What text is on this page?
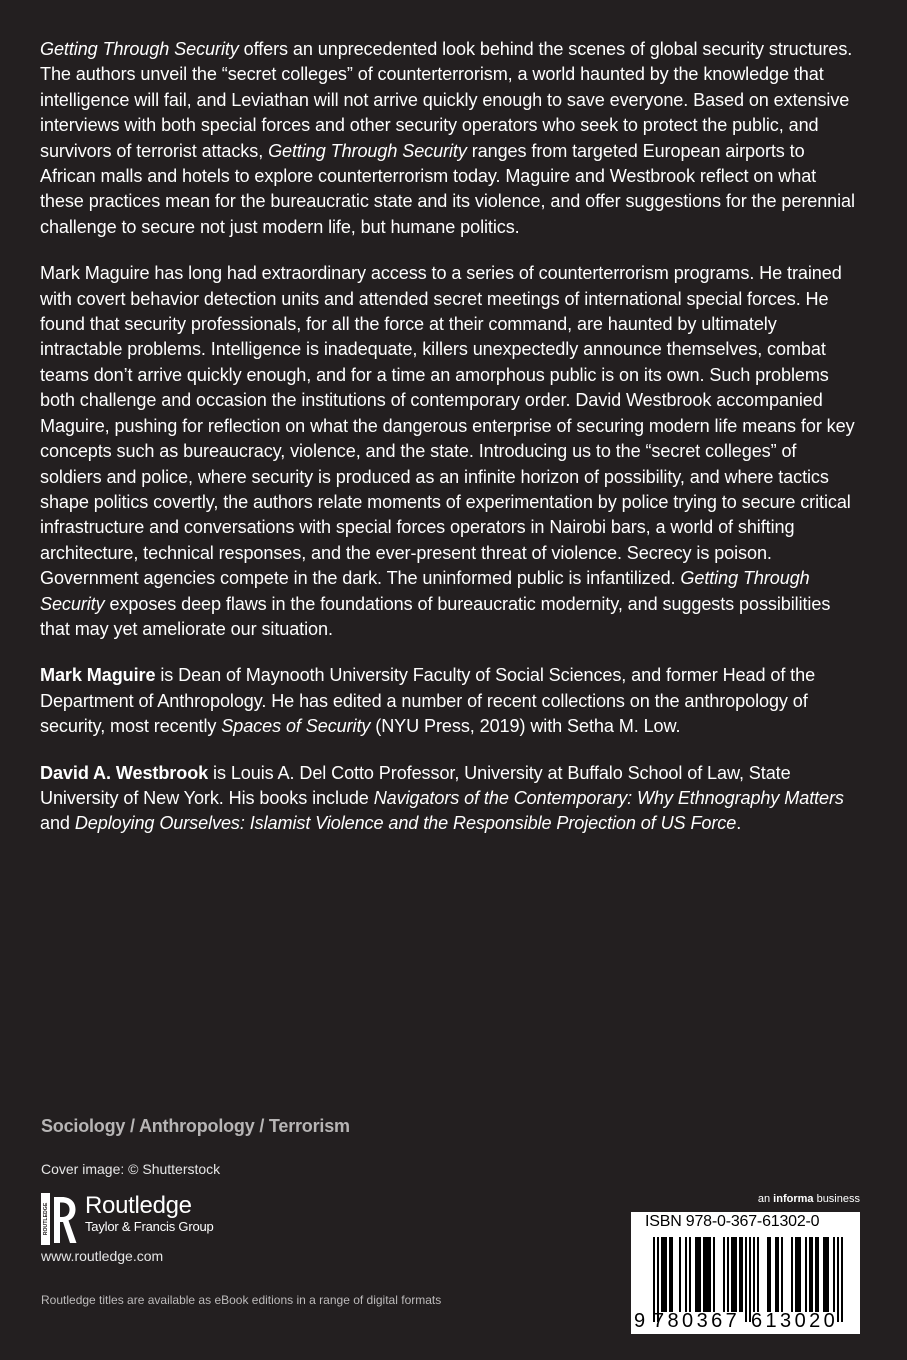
Getting Through Security offers an unprecedented look behind the scenes of global security structures. The authors unveil the “secret colleges” of counterterrorism, a world haunted by the knowledge that intelligence will fail, and Leviathan will not arrive quickly enough to save everyone. Based on extensive interviews with both special forces and other security operators who seek to protect the public, and survivors of terrorist attacks, Getting Through Security ranges from targeted European airports to African malls and hotels to explore counterterrorism today. Maguire and Westbrook reflect on what these practices mean for the bureaucratic state and its violence, and offer suggestions for the perennial challenge to secure not just modern life, but humane politics.

Mark Maguire has long had extraordinary access to a series of counterterrorism programs. He trained with covert behavior detection units and attended secret meetings of international special forces. He found that security professionals, for all the force at their command, are haunted by ultimately intractable problems. Intelligence is inadequate, killers unexpectedly announce themselves, combat teams don’t arrive quickly enough, and for a time an amorphous public is on its own. Such problems both challenge and occasion the institutions of contemporary order. David Westbrook accompanied Maguire, pushing for reflection on what the dangerous enterprise of securing modern life means for key concepts such as bureaucracy, violence, and the state. Introducing us to the “secret colleges” of soldiers and police, where security is produced as an infinite horizon of possibility, and where tactics shape politics covertly, the authors relate moments of experimentation by police trying to secure critical infrastructure and conversations with special forces operators in Nairobi bars, a world of shifting architecture, technical responses, and the ever-present threat of violence. Secrecy is poison. Government agencies compete in the dark. The uninformed public is infantilized. Getting Through Security exposes deep flaws in the foundations of bureaucratic modernity, and suggests possibilities that may yet ameliorate our situation.

Mark Maguire is Dean of Maynooth University Faculty of Social Sciences, and former Head of the Department of Anthropology. He has edited a number of recent collections on the anthropology of security, most recently Spaces of Security (NYU Press, 2019) with Setha M. Low.

David A. Westbrook is Louis A. Del Cotto Professor, University at Buffalo School of Law, State University of New York. His books include Navigators of the Contemporary: Why Ethnography Matters and Deploying Ourselves: Islamist Violence and the Responsible Projection of US Force.

Sociology / Anthropology / Terrorism
Cover image: © Shutterstock
ROUTLEDGE Routledge
Taylor & Francis Group
www.routledge.com
Routledge titles are available as eBook editions in a range of digital formats
an informa business
ISBN 978-0-367-61302-0
9 780367 613020
